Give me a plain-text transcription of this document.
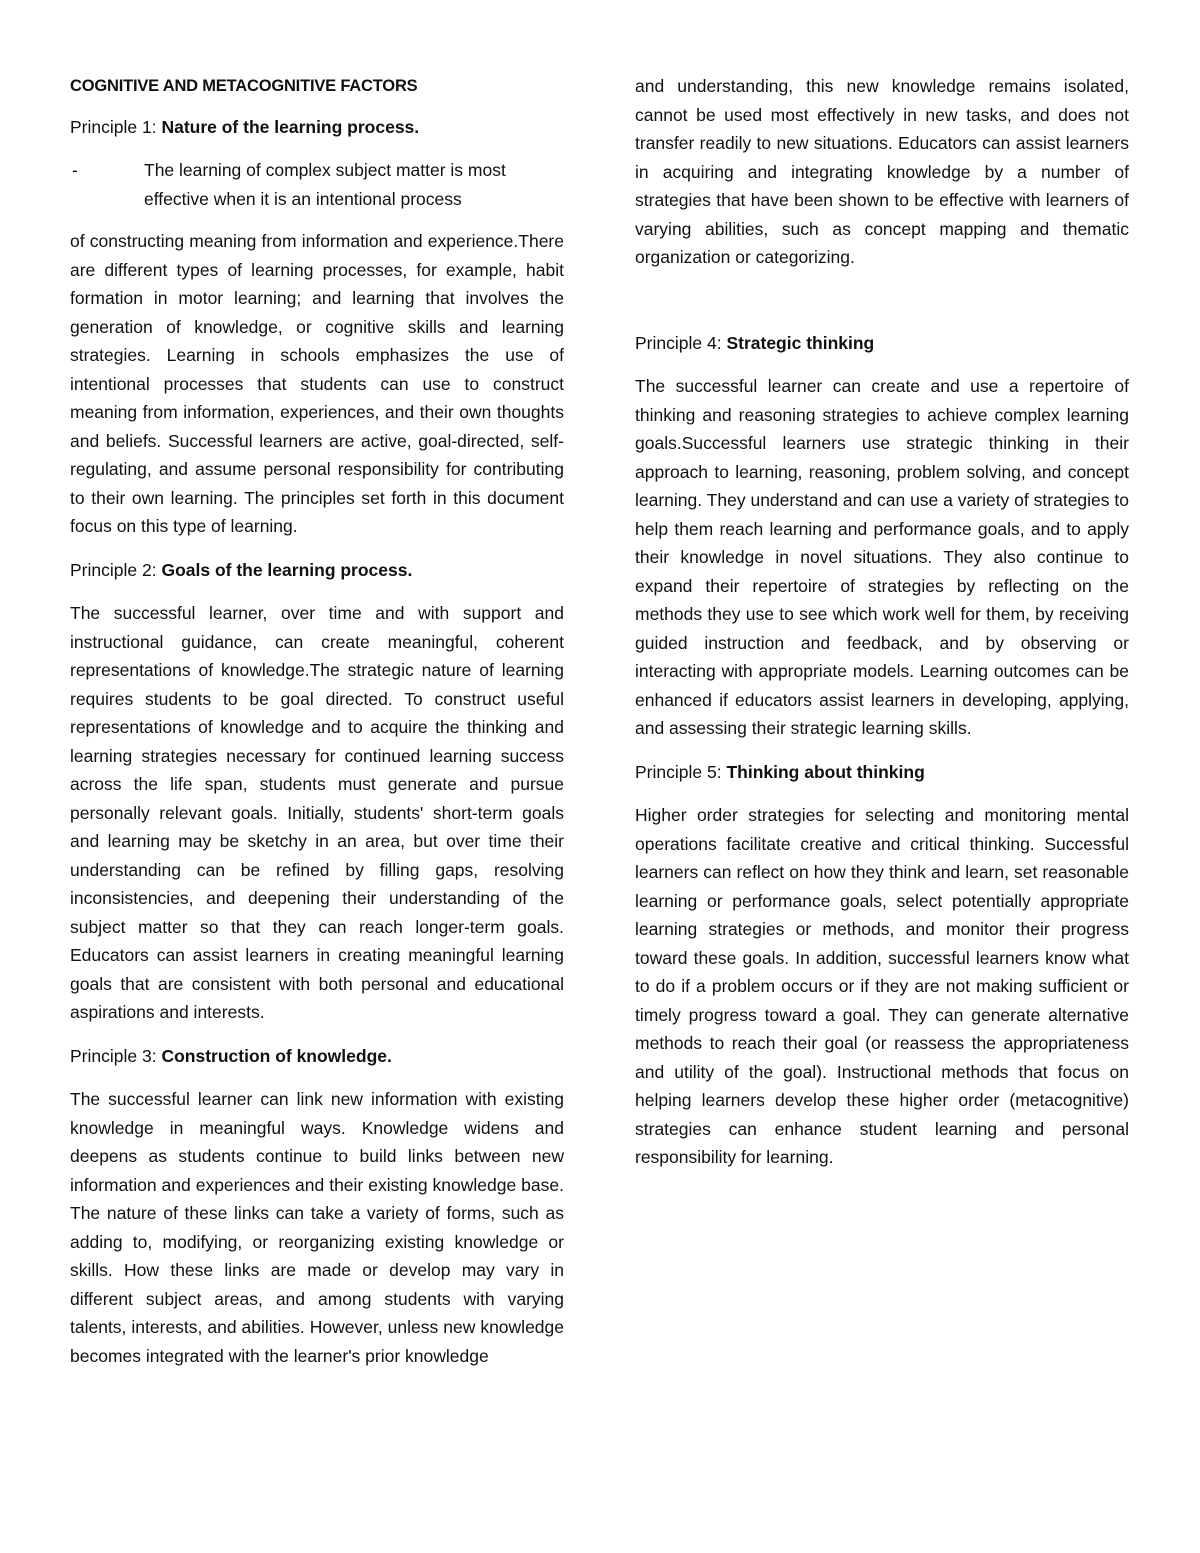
COGNITIVE AND METACOGNITIVE FACTORS
Principle 1: Nature of the learning process.
-	The learning of complex subject matter is most effective when it is an intentional process

of constructing meaning from information and experience.There are different types of learning processes, for example, habit formation in motor learning; and learning that involves the generation of knowledge, or cognitive skills and learning strategies. Learning in schools emphasizes the use of intentional processes that students can use to construct meaning from information, experiences, and their own thoughts and beliefs. Successful learners are active, goal-directed, self-regulating, and assume personal responsibility for contributing to their own learning. The principles set forth in this document focus on this type of learning.

Principle 2: Goals of the learning process.

The successful learner, over time and with support and instructional guidance, can create meaningful, coherent representations of knowledge.The strategic nature of learning requires students to be goal directed. To construct useful representations of knowledge and to acquire the thinking and learning strategies necessary for continued learning success across the life span, students must generate and pursue personally relevant goals. Initially, students' short-term goals and learning may be sketchy in an area, but over time their understanding can be refined by filling gaps, resolving inconsistencies, and deepening their understanding of the subject matter so that they can reach longer-term goals. Educators can assist learners in creating meaningful learning goals that are consistent with both personal and educational aspirations and interests.

Principle 3: Construction of knowledge.

The successful learner can link new information with existing knowledge in meaningful ways. Knowledge widens and deepens as students continue to build links between new information and experiences and their existing knowledge base. The nature of these links can take a variety of forms, such as adding to, modifying, or reorganizing existing knowledge or skills. How these links are made or develop may vary in different subject areas, and among students with varying talents, interests, and abilities. However, unless new knowledge becomes integrated with the learner's prior knowledge

and understanding, this new knowledge remains isolated, cannot be used most effectively in new tasks, and does not transfer readily to new situations. Educators can assist learners in acquiring and integrating knowledge by a number of strategies that have been shown to be effective with learners of varying abilities, such as concept mapping and thematic organization or categorizing.

Principle 4: Strategic thinking

The successful learner can create and use a repertoire of thinking and reasoning strategies to achieve complex learning goals.Successful learners use strategic thinking in their approach to learning, reasoning, problem solving, and concept learning. They understand and can use a variety of strategies to help them reach learning and performance goals, and to apply their knowledge in novel situations. They also continue to expand their repertoire of strategies by reflecting on the methods they use to see which work well for them, by receiving guided instruction and feedback, and by observing or interacting with appropriate models. Learning outcomes can be enhanced if educators assist learners in developing, applying, and assessing their strategic learning skills.

Principle 5: Thinking about thinking

Higher order strategies for selecting and monitoring mental operations facilitate creative and critical thinking. Successful learners can reflect on how they think and learn, set reasonable learning or performance goals, select potentially appropriate learning strategies or methods, and monitor their progress toward these goals. In addition, successful learners know what to do if a problem occurs or if they are not making sufficient or timely progress toward a goal. They can generate alternative methods to reach their goal (or reassess the appropriateness and utility of the goal). Instructional methods that focus on helping learners develop these higher order (metacognitive) strategies can enhance student learning and personal responsibility for learning.
